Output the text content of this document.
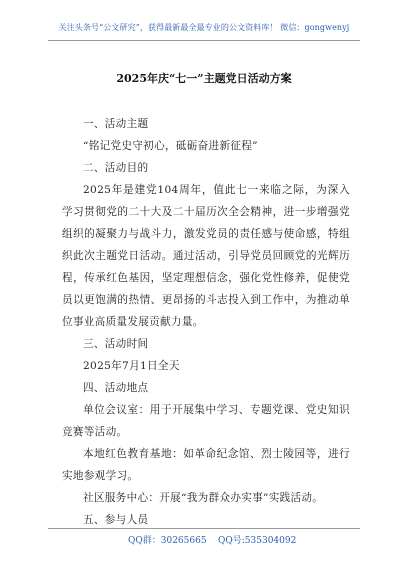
关注头条号“公文研究”，获得最新最全最专业的公文资料库！ 微信：gongwenyj
2025年庆“七一”主题党日活动方案

一、活动主题

“铭记党史守初心，砥砺奋进新征程”

二、活动目的

2025年是建党104周年，值此七一来临之际，为深入学习贯彻党的二十大及二十届历次全会精神，进一步增强党组织的凝聚力与战斗力，激发党员的责任感与使命感，特组织此次主题党日活动。通过活动，引导党员回顾党的光辉历程，传承红色基因，坚定理想信念，强化党性修养，促使党员以更饱满的热情、更昂扬的斗志投入到工作中，为推动单位事业高质量发展贡献力量。

三、活动时间

2025年7月1日全天

四、活动地点

单位会议室：用于开展集中学习、专题党课、党史知识竞赛等活动。

本地红色教育基地：如革命纪念馆、烈士陵园等，进行实地参观学习。

社区服务中心：开展“我为群众办实事”实践活动。

五、参与人员

QQ群：30265665 QQ号:535304092
